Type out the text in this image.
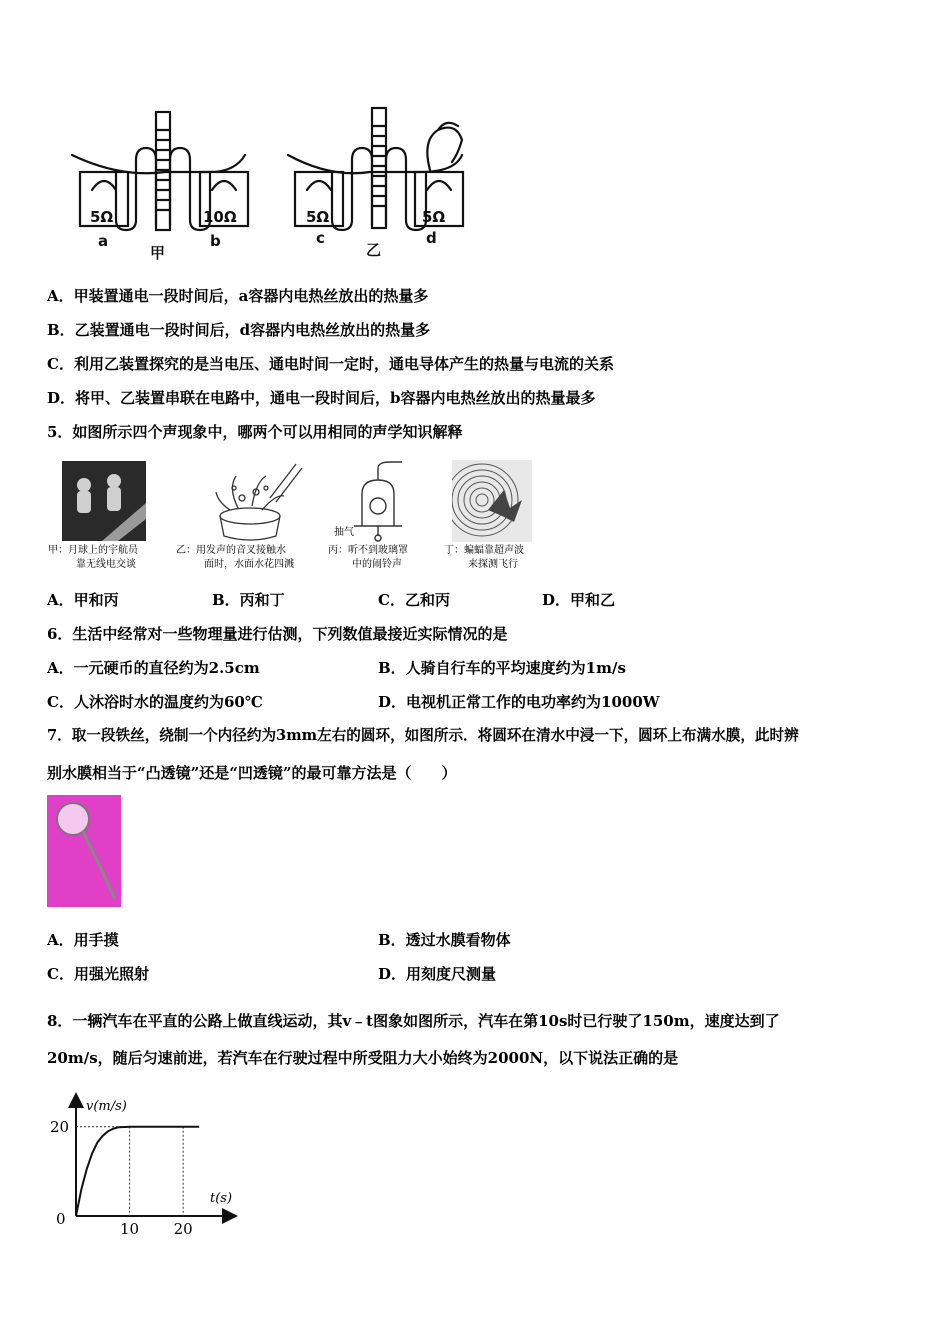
5Ω	10Ω
a	b
甲
5Ω	5Ω
c	d
乙
A．甲装置通电一段时间后，a容器内电热丝放出的热量多
B．乙装置通电一段时间后，d容器内电热丝放出的热量多
C．利用乙装置探究的是当电压、通电时间一定时，通电导体产生的热量与电流的关系
D．将甲、乙装置串联在电路中，通电一段时间后，b容器内电热丝放出的热量最多
5．如图所示四个声现象中，哪两个可以用相同的声学知识解释
甲：月球上的宇航员
靠无线电交谈
乙：用发声的音叉接触水
面时，水面水花四溅
抽气
丙：听不到玻璃罩
中的闹铃声
丁：蝙蝠靠超声波
来探测飞行
A．甲和丙	B．丙和丁	C．乙和丙	D．甲和乙
6．生活中经常对一些物理量进行估测，下列数值最接近实际情况的是
A．一元硬币的直径约为2.5cm	B．人骑自行车的平均速度约为1m/s
C．人沐浴时水的温度约为60℃	D．电视机正常工作的电功率约为1000W
7．取一段铁丝，绕制一个内径约为3mm左右的圆环，如图所示．将圆环在清水中浸一下，圆环上布满水膜，此时辨
别水膜相当于“凸透镜”还是“凹透镜”的最可靠方法是（　　）
A．用手摸	B．透过水膜看物体
C．用强光照射	D．用刻度尺测量
8．一辆汽车在平直的公路上做直线运动，其v﹣t图象如图所示，汽车在第10s时已行驶了150m，速度达到了
20m/s，随后匀速前进，若汽车在行驶过程中所受阻力大小始终为2000N，以下说法正确的是
v(m/s)
t(s)
20
0
10 20
